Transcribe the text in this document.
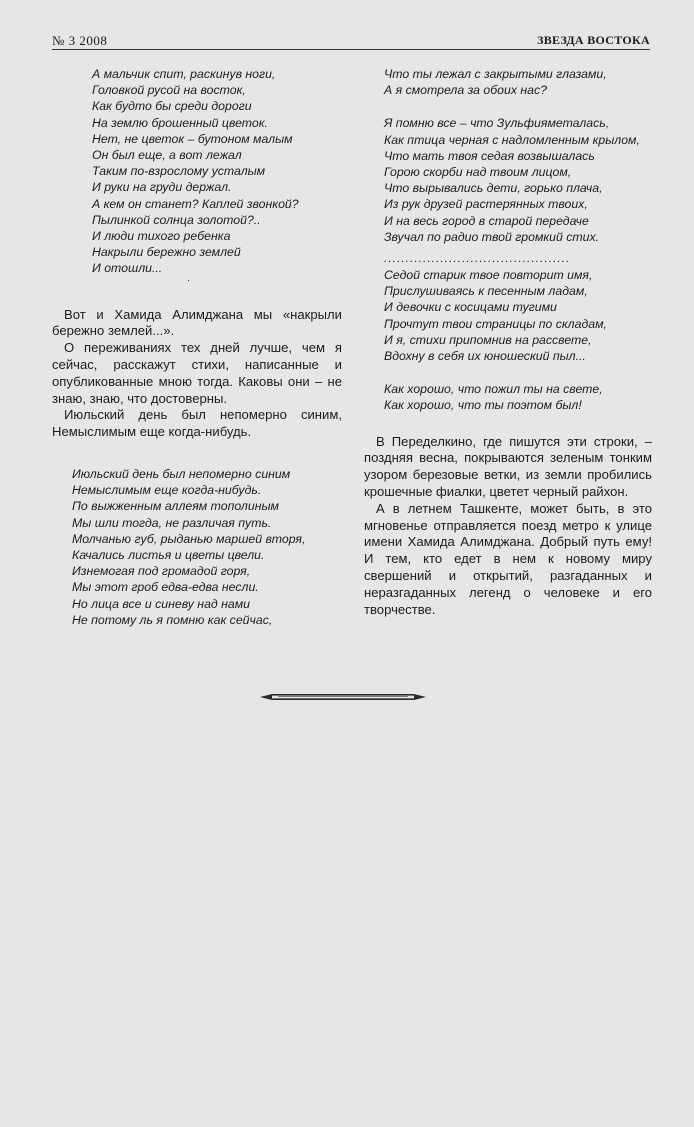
№ 3 2008	ЗВЕЗДА ВОСТОКА
А мальчик спит, раскинув ноги,
Головкой русой на восток,
Как будто бы среди дороги
На землю брошенный цветок.
Нет, не цветок – бутоном малым
Он был еще, а вот лежал
Таким по-взрослому усталым
И руки на груди держал.
А кем он станет? Каплей звонкой?
Пылинкой солнца золотой?..
И люди тихого ребенка
Накрыли бережно землей
И отошли...
·

Вот и Хамида Алимджана мы «накрыли бережно землей...».

О переживаниях тех дней лучше, чем я сейчас, расскажут стихи, написанные и опубликованные мною тогда. Каковы они – не знаю, знаю, что достоверны.

Июльский день был непомерно синим, Немыслимым еще когда-нибудь.

Июльский день был непомерно синим
Немыслимым еще когда-нибудь.
По выжженным аллеям тополиным
Мы шли тогда, не различая путь.
Молчанью губ, рыданью маршей вторя,
Качались листья и цветы цвели.
Изнемогая под громадой горя,
Мы этот гроб едва-едва несли.
Но лица все и синеву над нами
Не потому ль я помню как сейчас,
Что ты лежал с закрытыми глазами,
А я смотрела за обоих нас?
Я помню все – что Зульфияметалась,
Как птица черная с надломленным крылом,
Что мать твоя седая возвышалась
Горою скорби над твоим лицом,
Что вырывались дети, горько плача,
Из рук друзей растерянных твоих,
И на весь город в старой передаче
Звучал по радио твой громкий стих.
...........................................
Седой старик твое повторит имя,
Прислушиваясь к песенным ладам,
И девочки с косицами тугими
Прочтут твои страницы по складам,
И я, стихи припомнив на рассвете,
Вдохну в себя их юношеский пыл...
Как хорошо, что пожил ты на свете,
Как хорошо, что ты поэтом был!

В Переделкино, где пишутся эти строки, – поздняя весна, покрываются зеленым тонким узором березовые ветки, из земли пробились крошечные фиалки, цветет черный райхон.

А в летнем Ташкенте, может быть, в это мгновенье отправляется поезд метро к улице имени Хамида Алимджана. Добрый путь ему! И тем, кто едет в нем к новому миру свершений и открытий, разгаданных и неразгаданных легенд о человеке и его творчестве.
